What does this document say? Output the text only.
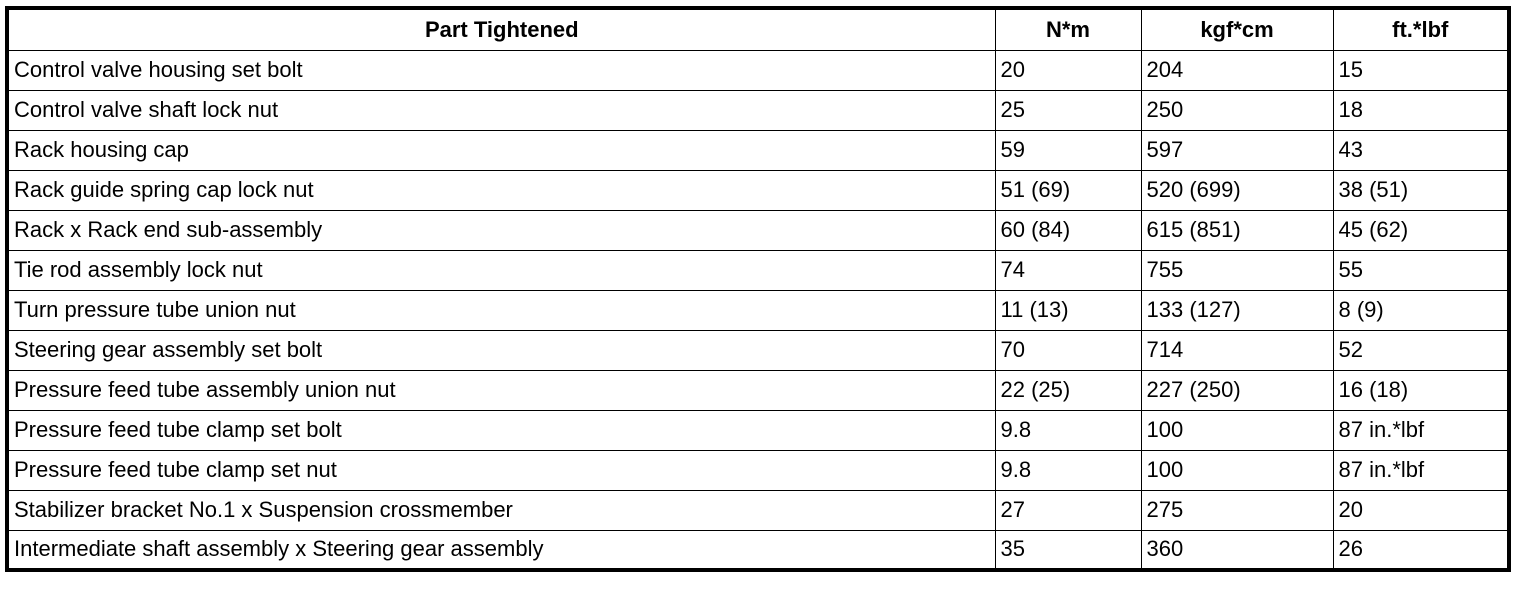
Part Tightened	N*m	kgf*cm	ft.*lbf
Control valve housing set bolt	20	204	15
Control valve shaft lock nut	25	250	18
Rack housing cap	59	597	43
Rack guide spring cap lock nut	51 (69)	520 (699)	38 (51)
Rack x Rack end sub-assembly	60 (84)	615 (851)	45 (62)
Tie rod assembly lock nut	74	755	55
Turn pressure tube union nut	11 (13)	133 (127)	8 (9)
Steering gear assembly set bolt	70	714	52
Pressure feed tube assembly union nut	22 (25)	227 (250)	16 (18)
Pressure feed tube clamp set bolt	9.8	100	87 in.*lbf
Pressure feed tube clamp set nut	9.8	100	87 in.*lbf
Stabilizer bracket No.1 x Suspension crossmember	27	275	20
Intermediate shaft assembly x Steering gear assembly	35	360	26
